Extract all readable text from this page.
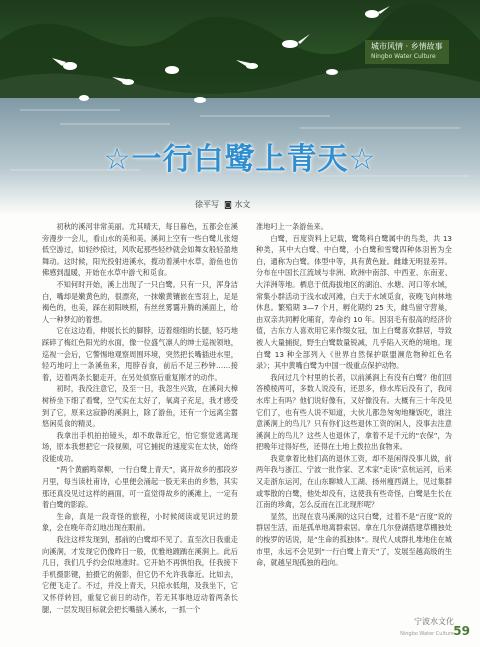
城市风情 · 乡情故事
Ningbo Water Culture
☆一行白鹭上青天☆
徐平写 ◙ 水文

初秋的溪河非常美丽。尤其晴天，每日暮色，五都会在溪旁漫步一会儿，看山水的美和美。溪间上空有一些白鹭儿张翅低空游过，如轻纱掠过，风吹起那些轻纱就会如舞女般轻盈地舞动。这时候，阳光投射进溪水，揽动着溪中水草，游鱼也仿佛感到温暖，开始在水草中游弋和觅食。

不知何时开始，溪上出现了一只白鹭。只有一只，浑身洁白，嘴却是嫩黄色的，很漂亮，一抹嫩黄镶嵌在雪羽上，足是褐色的，也美，踩在初阳映照，有丝丝雾霭升腾的溪面上，给人一种梦幻的着想。

它在这边看，伸展长长的脚脖，迈着细细的长腿，轻巧地踩碎了梅红色阳光的水面，像一位盛气凛人的绅士巡视领地，巡视一会后，它警惕地观察周围环境，突然把长嘴插进水里，轻巧地叼上一条溪鱼来，甩脖吞食，前后不足三秒钟……接着，迈着两条长腿走开，在另处侦察后重复刚才的动作。

初时，我没注意它，及至一日，我忽生兴致，在溪间大樟树桥坐下细了看鹭，空气实在太好了，氧离子充足，我才感受到了它，原来这寂静的溪涧上，除了游鱼，还有一个远离尘嚣悠闲觅食的精灵。

我拿出手机拍拍镜头，却不敢靠近它，怕它察觉逃离现场，原本我想把它一段视频，可它捕捉的速度实在太快，始终没能成功。

“两个黄鹂鸣翠柳，一行白鹭上青天”，离开故乡的那段岁月里，每当读杜甫诗，心里便会涌起一股无来由的乡愁，其实那还真没见过这样的画面，可一直觉得故乡的溪滩上，一定有着白鹭的影踪。

生命，真是一段奇怪的旅程，小时候阅读或见识过的景象，会在晚年奇幻地出现在眼前。

我注这样发现到，那前的白鹭却不见了。直至次日我重走向溪涧，才发现它仍像昨日一般，优雅地踱踽在溪涧上。此后几日，我们几乎约会似地准时。它开始不再惧怕我，任我接下手机摄影键，拍摄它的俯影，但它仍不允许我靠近。比如去，它便飞走了。不过，并没上青天，只掠水低翔，及我坐下，它又怀俘转回，重复它前日的动作，若无其事地迈动着两条长腿，一层发现目标就会把长嘴插入溪水，一抓一个

准地叼上一条游鱼来。

白鹭，百度资料上记载，鹭鸶科白鹭属中的鸟类，共 13 种类，其中大白鹭、中白鹭，小白鹭和雪鹭四种体羽皆为全白，通称为白鹭。体型中等，具有黄色趾。雌雄无明显差异。分布在中国长江流域与非洲、欧洲中南部、中西亚、东南亚、大洋洲等地。栖息于低海拔地区的湖泊、水塘、河口等水域，常集小群活动于浅水或河滩，白天于水域觅食，夜晚飞向林地休息。繁殖期 3—7 个月，孵化期约 25 天，雌鸟留守营巢，由双亲共同孵化哺育，寿命约 10 年。因羽毛有很高的经济价值，古东方人喜欢用它来作缀女冠，加上白鹭喜欢群居，导致被人大量捕捉，野生白鹭数量锐减，几乎陷入灭绝的境地。现白鹭 13 种全部列入《世界自然保护联盟濒危物种红色名录》；其中黄嘴白鹭为中国一级重点保护动物。

我问过几个村里的长者，以前溪涧上有没有白鹭？他们回答模棱两可，多数人说没有，还思多，修水库后没有了，我问水库上有吗？他们说好像有，又好像没有。大概有三十年没见它们了，也有些人说不知道，大伙儿都急匆匆地赚饭吃，谁注意溪涧上的鸟儿？只有你们这些退休工资的闲人，没事去注意溪涧上的鸟儿？这些人也退休了，拿着不足千元的“农保”，为把晚年过得好些，还得在土地上拨拉出食物来。

我竟拿着比他们高的退休工资，却不是闲得没事儿做，前两年我与浙江、宁波一批作家、艺术家“走读”京杭运河，后来又走浙东运河，在山东聊城人工湖、扬州瘦西湖上，见过集群或零散的白鹭，他处却没有，这使我有些奇怪，白鹭是生长在江南的珍禽，怎么反而在江北现形呢？

显然，出现在袁马溪涧的这只白鹭，过着不是“百度”说的群居生活，而是孤单地离群索居。拿在几尔登湖搭建草棚独处的梭罗的话说，是“生命的孤独体”。现代人成群扎堆地住在城市里，永远不会见到“一行白鹭上青天”了，发展至越高级的生命，就越呈现孤独的趋向。

宁波水文化
Ningbo Water Culture 59
